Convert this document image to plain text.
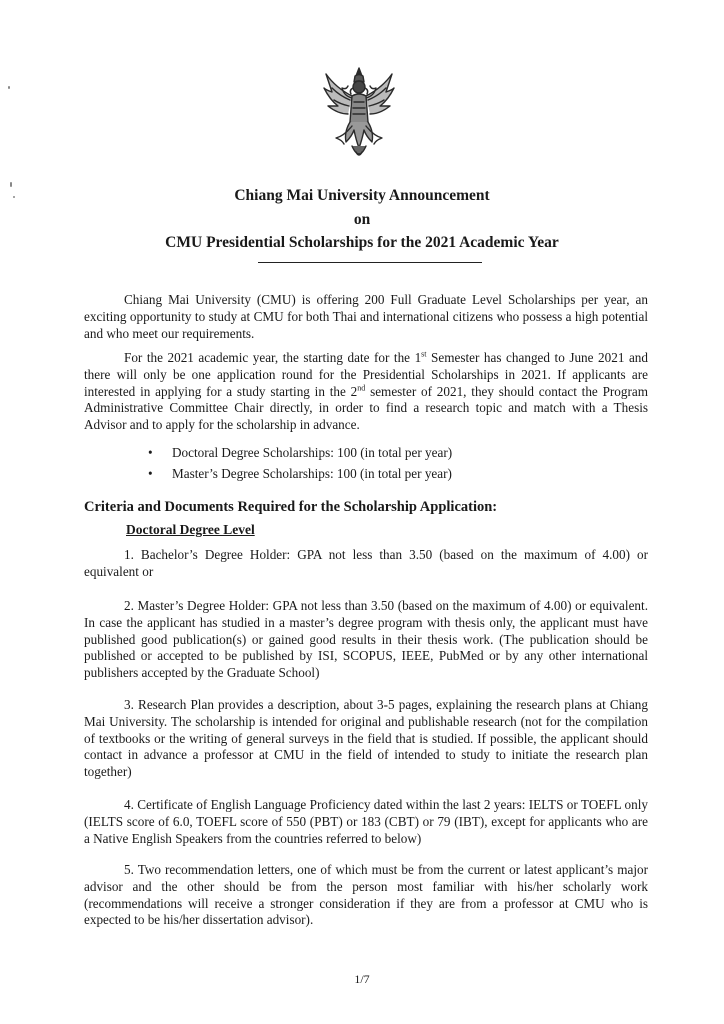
Chiang Mai University Announcement
on
CMU Presidential Scholarships for the 2021 Academic Year
Chiang Mai University (CMU) is offering 200 Full Graduate Level Scholarships per year, an exciting opportunity to study at CMU for both Thai and international citizens who possess a high potential and who meet our requirements.
For the 2021 academic year, the starting date for the 1st Semester has changed to June 2021 and there will only be one application round for the Presidential Scholarships in 2021. If applicants are interested in applying for a study starting in the 2nd semester of 2021, they should contact the Program Administrative Committee Chair directly, in order to find a research topic and match with a Thesis Advisor and to apply for the scholarship in advance.
• Doctoral Degree Scholarships: 100 (in total per year)
• Master’s Degree Scholarships: 100 (in total per year)
Criteria and Documents Required for the Scholarship Application:
Doctoral Degree Level
1. Bachelor’s Degree Holder: GPA not less than 3.50 (based on the maximum of 4.00) or equivalent or
2. Master’s Degree Holder: GPA not less than 3.50 (based on the maximum of 4.00) or equivalent. In case the applicant has studied in a master’s degree program with thesis only, the applicant must have published good publication(s) or gained good results in their thesis work. (The publication should be published or accepted to be published by ISI, SCOPUS, IEEE, PubMed or by any other international publishers accepted by the Graduate School)
3. Research Plan provides a description, about 3-5 pages, explaining the research plans at Chiang Mai University. The scholarship is intended for original and publishable research (not for the compilation of textbooks or the writing of general surveys in the field that is studied. If possible, the applicant should contact in advance a professor at CMU in the field of intended to study to initiate the research plan together)
4. Certificate of English Language Proficiency dated within the last 2 years: IELTS or TOEFL only (IELTS score of 6.0, TOEFL score of 550 (PBT) or 183 (CBT) or 79 (IBT), except for applicants who are a Native English Speakers from the countries referred to below)
5. Two recommendation letters, one of which must be from the current or latest applicant’s major advisor and the other should be from the person most familiar with his/her scholarly work (recommendations will receive a stronger consideration if they are from a professor at CMU who is expected to be his/her dissertation advisor).
1/7
